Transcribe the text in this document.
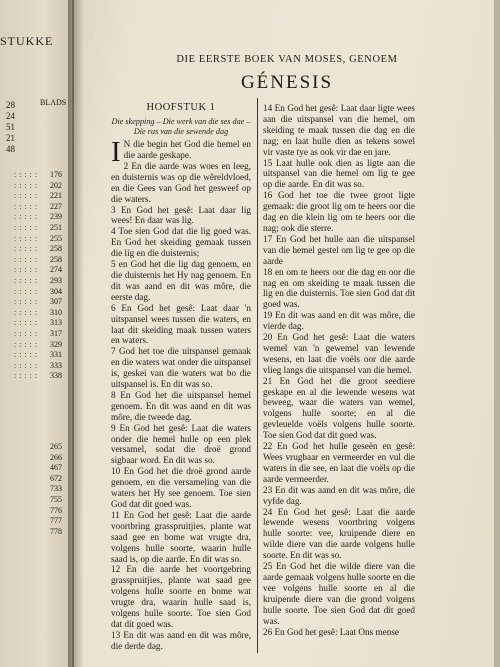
STUKKE
BLADS
28
24
51
21
48
:::::
:::::
:::::
:::::
:::::
:::::
:::::
:::::
:::::
:::::
:::::
:::::
:::::
:::::
:::::
:::::
:::::
:::::
:::::
:::::
176
202
221
227
239
251
255
258
258
274
293
304
307
310
313
317
329
331
333
338
265
266
467
672
733
755
776
777
778
DIE EERSTE BOEK VAN MOSES, GENOEM
GÉNESIS
HOOFSTUK 1
Die skepping – Die werk van die ses dae – Die rus van die sewende dag
I N die begin het God die hemel en die aarde geskape.
2 En die aarde was woes en leeg, en duisternis was op die wêreldvloed, en die Gees van God het gesweef op die waters.
3 En God het gesê: Laat daar lig wees! En daar was lig.
4 Toe sien God dat die lig goed was. En God het skeiding gemaak tussen die lig en die duisternis;
5 en God het die lig dag genoem, en die duisternis het Hy nag genoem. En dit was aand en dit was môre, die eerste dag.
6 En God het gesê: Laat daar 'n uitspansel wees tussen die waters, en laat dit skeiding maak tussen waters en waters.
7 God het toe die uitspansel gemaak en die waters wat onder die uitspansel is, geskei van die waters wat bo die uitspansel is. En dit was so.
8 En God het die uitspansel hemel genoem. En dit was aand en dit was môre, die tweede dag.
9 En God het gesê: Laat die waters onder die hemel hulle op een plek versamel, sodat die droë grond sigbaar word. En dit was so.
10 En God het die droë grond aarde genoem, en die versameling van die waters het Hy see genoem. Toe sien God dat dit goed was.
11 En God het gesê: Laat die aarde voortbring grasspruitjies, plante wat saad gee en bome wat vrugte dra, volgens hulle soorte, waarin hulle saad is, op die aarde. En dit was so.
12 En die aarde het voortgebring grasspruitjies, plante wat saad gee volgens hulle soorte en bome wat vrugte dra, waarin hulle saad is, volgens hulle soorte. Toe sien God dat dit goed was.
13 En dit was aand en dit was môre, die derde dag.
14 En God het gesê: Laat daar ligte wees aan die uitspansel van die hemel, om skeiding te maak tussen die dag en die nag; en laat hulle dien as tekens sowel vir vaste tye as ook vir dae en jare.
15 Laat hulle ook dien as ligte aan die uitspansel van die hemel om lig te gee op die aarde. En dit was so.
16 God het toe die twee groot ligte gemaak: die groot lig om te heers oor die dag en die klein lig om te heers oor die nag; ook die sterre.
17 En God het hulle aan die uitspansel van die hemel gestel om lig te gee op die aarde
18 en om te heers oor die dag en oor die nag en om skeiding te maak tussen die lig en die duisternis. Toe sien God dat dit goed was.
19 En dit was aand en dit was môre, die vierde dag.
20 En God het gesê: Laat die waters wemel van 'n gewemel van lewende wesens, en laat die voëls oor die aarde vlieg langs die uitspansel van die hemel.
21 En God het die groot seediere geskape en al die lewende wesens wat beweeg, waar die waters van wemel, volgens hulle soorte; en al die gevleuelde voëls volgens hulle soorte. Toe sien God dat dit goed was.
22 En God het hulle geseën en gesê: Wees vrugbaar en vermeerder en vul die waters in die see, en laat die voëls op die aarde vermeerder.
23 En dit was aand en dit was môre, die vyfde dag.
24 En God het gesê: Laat die aarde lewende wesens voortbring volgens hulle soorte: vee, kruipende diere en wilde diere van die aarde volgens hulle soorte. En dit was so.
25 En God het die wilde diere van die aarde gemaak volgens hulle soorte en die vee volgens hulle soorte en al die kruipende diere van die grond volgens hulle soorte. Toe sien God dat dit goed was.
26 En God het gesê: Laat Ons mense
